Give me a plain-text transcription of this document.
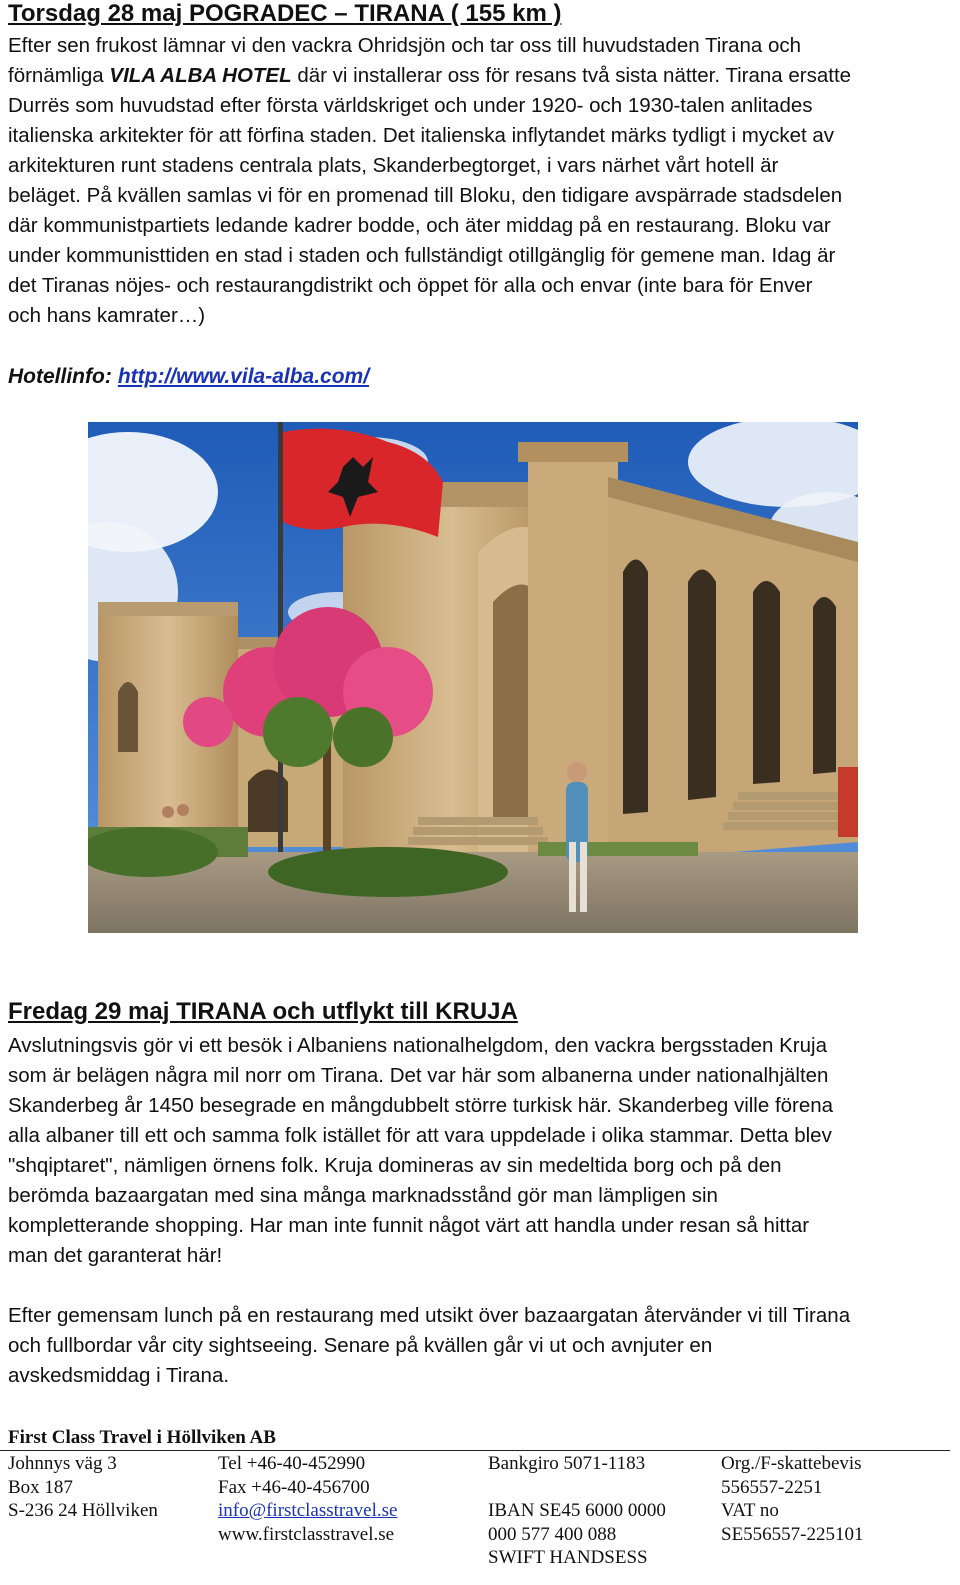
Torsdag 28 maj POGRADEC – TIRANA ( 155 km )
Efter sen frukost lämnar vi den vackra Ohridsjön och tar oss till huvudstaden Tirana och
förnämliga VILA ALBA HOTEL där vi installerar oss för resans två sista nätter. Tirana ersatte
Durrës som huvudstad efter första världskriget och under 1920- och 1930-talen anlitades
italienska arkitekter för att förfina staden. Det italienska inflytandet märks tydligt i mycket av
arkitekturen runt stadens centrala plats, Skanderbegtorget, i vars närhet vårt hotell är
beläget. På kvällen samlas vi för en promenad till Bloku, den tidigare avspärrade stadsdelen
där kommunistpartiets ledande kadrer bodde, och äter middag på en restaurang. Bloku var
under kommunisttiden en stad i staden och fullständigt otillgänglig för gemene man. Idag är
det Tiranas nöjes- och restaurangdistrikt och öppet för alla och envar (inte bara för Enver
och hans kamrater…)
Hotellinfo: http://www.vila-alba.com/
Fredag 29 maj TIRANA och utflykt till KRUJA
Avslutningsvis gör vi ett besök i Albaniens nationalhelgdom, den vackra bergsstaden Kruja
som är belägen några mil norr om Tirana. Det var här som albanerna under nationalhjälten
Skanderbeg år 1450 besegrade en mångdubbelt större turkisk här. Skanderbeg ville förena
alla albaner till ett och samma folk istället för att vara uppdelade i olika stammar. Detta blev
"shqiptaret", nämligen örnens folk. Kruja domineras av sin medeltida borg och på den
berömda bazaargatan med sina många marknadsstånd gör man lämpligen sin
kompletterande shopping. Har man inte funnit något värt att handla under resan så hittar
man det garanterat här!
Efter gemensam lunch på en restaurang med utsikt över bazaargatan återvänder vi till Tirana
och fullbordar vår city sightseeing. Senare på kvällen går vi ut och avnjuter en
avskedsmiddag i Tirana.
First Class Travel i Höllviken AB
Johnnys väg 3
Box 187
S-236 24 Höllviken
Tel +46-40-452990
Fax +46-40-456700
info@firstclasstravel.se
www.firstclasstravel.se
Bankgiro 5071-1183

IBAN SE45 6000 0000
000 577 400 088
SWIFT HANDSESS
Org./F-skattebevis
556557-2251
VAT no
SE556557-225101
